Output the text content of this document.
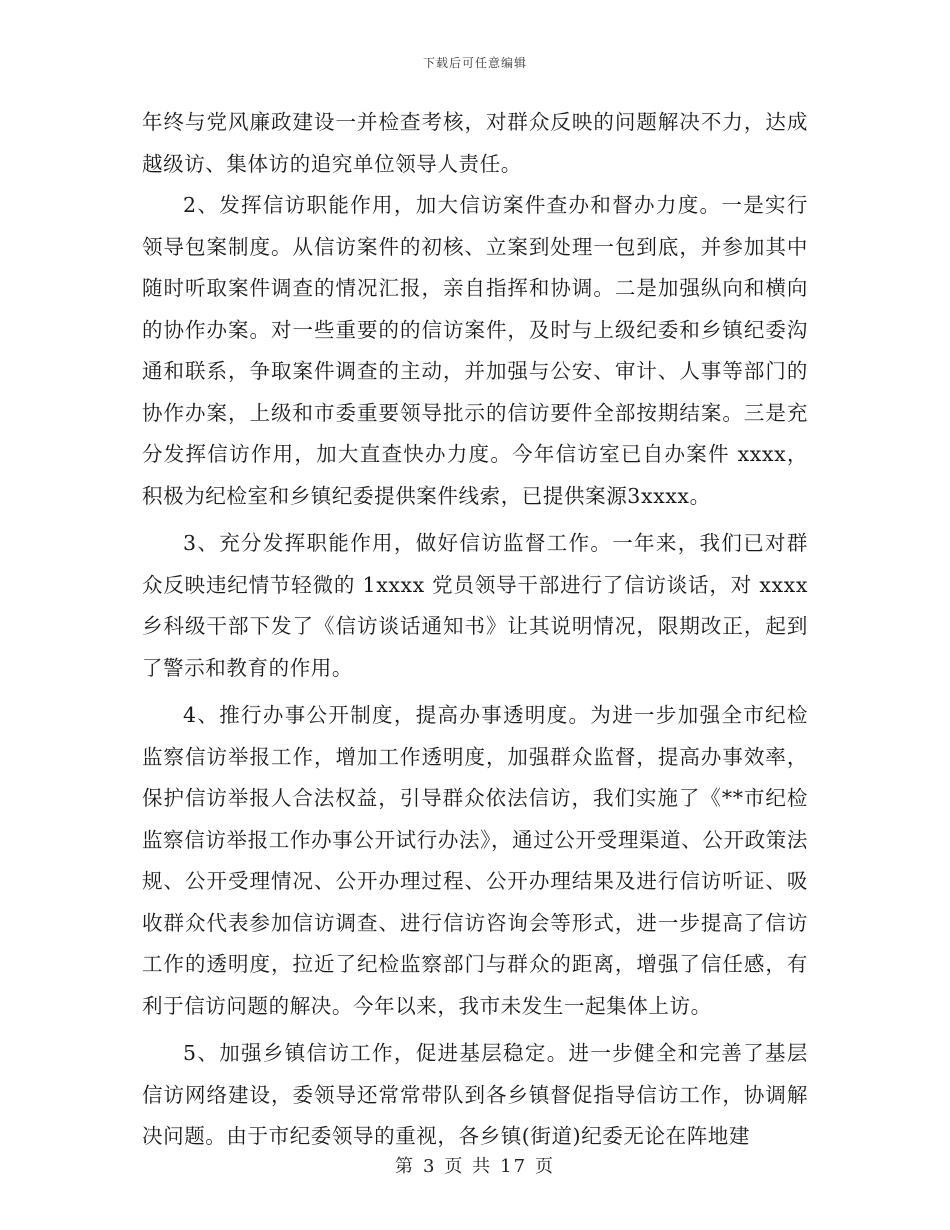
下载后可任意编辑

年终与党风廉政建设一并检查考核，对群众反映的问题解决不力，达成越级访、集体访的追究单位领导人责任。

2、发挥信访职能作用，加大信访案件查办和督办力度。一是实行领导包案制度。从信访案件的初核、立案到处理一包到底，并参加其中随时听取案件调查的情况汇报，亲自指挥和协调。二是加强纵向和横向的协作办案。对一些重要的的信访案件，及时与上级纪委和乡镇纪委沟通和联系，争取案件调查的主动，并加强与公安、审计、人事等部门的协作办案，上级和市委重要领导批示的信访要件全部按期结案。三是充分发挥信访作用，加大直查快办力度。今年信访室已自办案件 xxxx，积极为纪检室和乡镇纪委提供案件线索，已提供案源3xxxx。

3、充分发挥职能作用，做好信访监督工作。一年来，我们已对群众反映违纪情节轻微的 1xxxx 党员领导干部进行了信访谈话，对 xxxx乡科级干部下发了《信访谈话通知书》让其说明情况，限期改正，起到了警示和教育的作用。

4、推行办事公开制度，提高办事透明度。为进一步加强全市纪检监察信访举报工作，增加工作透明度，加强群众监督，提高办事效率，保护信访举报人合法权益，引导群众依法信访，我们实施了《**市纪检监察信访举报工作办事公开试行办法》，通过公开受理渠道、公开政策法规、公开受理情况、公开办理过程、公开办理结果及进行信访听证、吸收群众代表参加信访调查、进行信访咨询会等形式，进一步提高了信访工作的透明度，拉近了纪检监察部门与群众的距离，增强了信任感，有利于信访问题的解决。今年以来，我市未发生一起集体上访。

5、加强乡镇信访工作，促进基层稳定。进一步健全和完善了基层信访网络建设，委领导还常常带队到各乡镇督促指导信访工作，协调解决问题。由于市纪委领导的重视，各乡镇(街道)纪委无论在阵地建

第 3 页 共 17 页
